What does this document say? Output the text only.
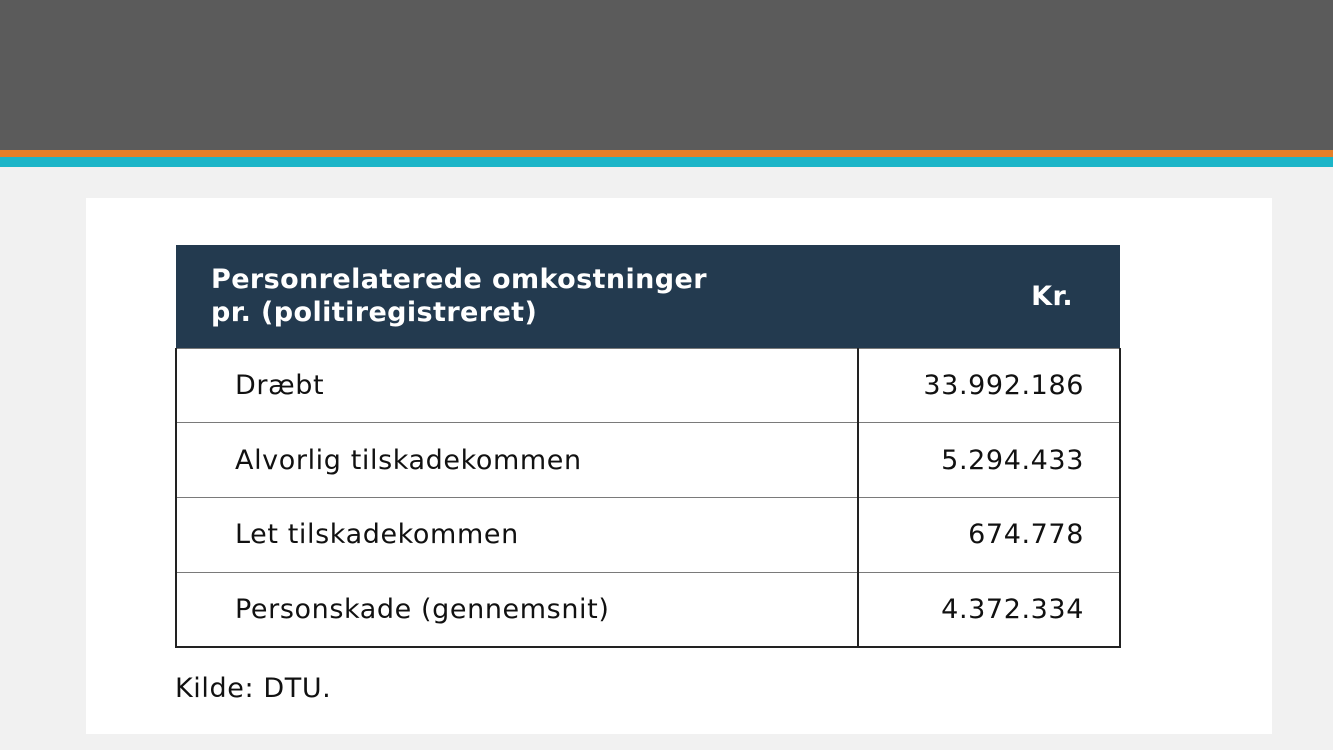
Personrelaterede omkostninger
pr. (politiregistreret)	Kr.
Dræbt	33.992.186
Alvorlig tilskadekommen	5.294.433
Let tilskadekommen	674.778
Personskade (gennemsnit)	4.372.334

Kilde: DTU.
